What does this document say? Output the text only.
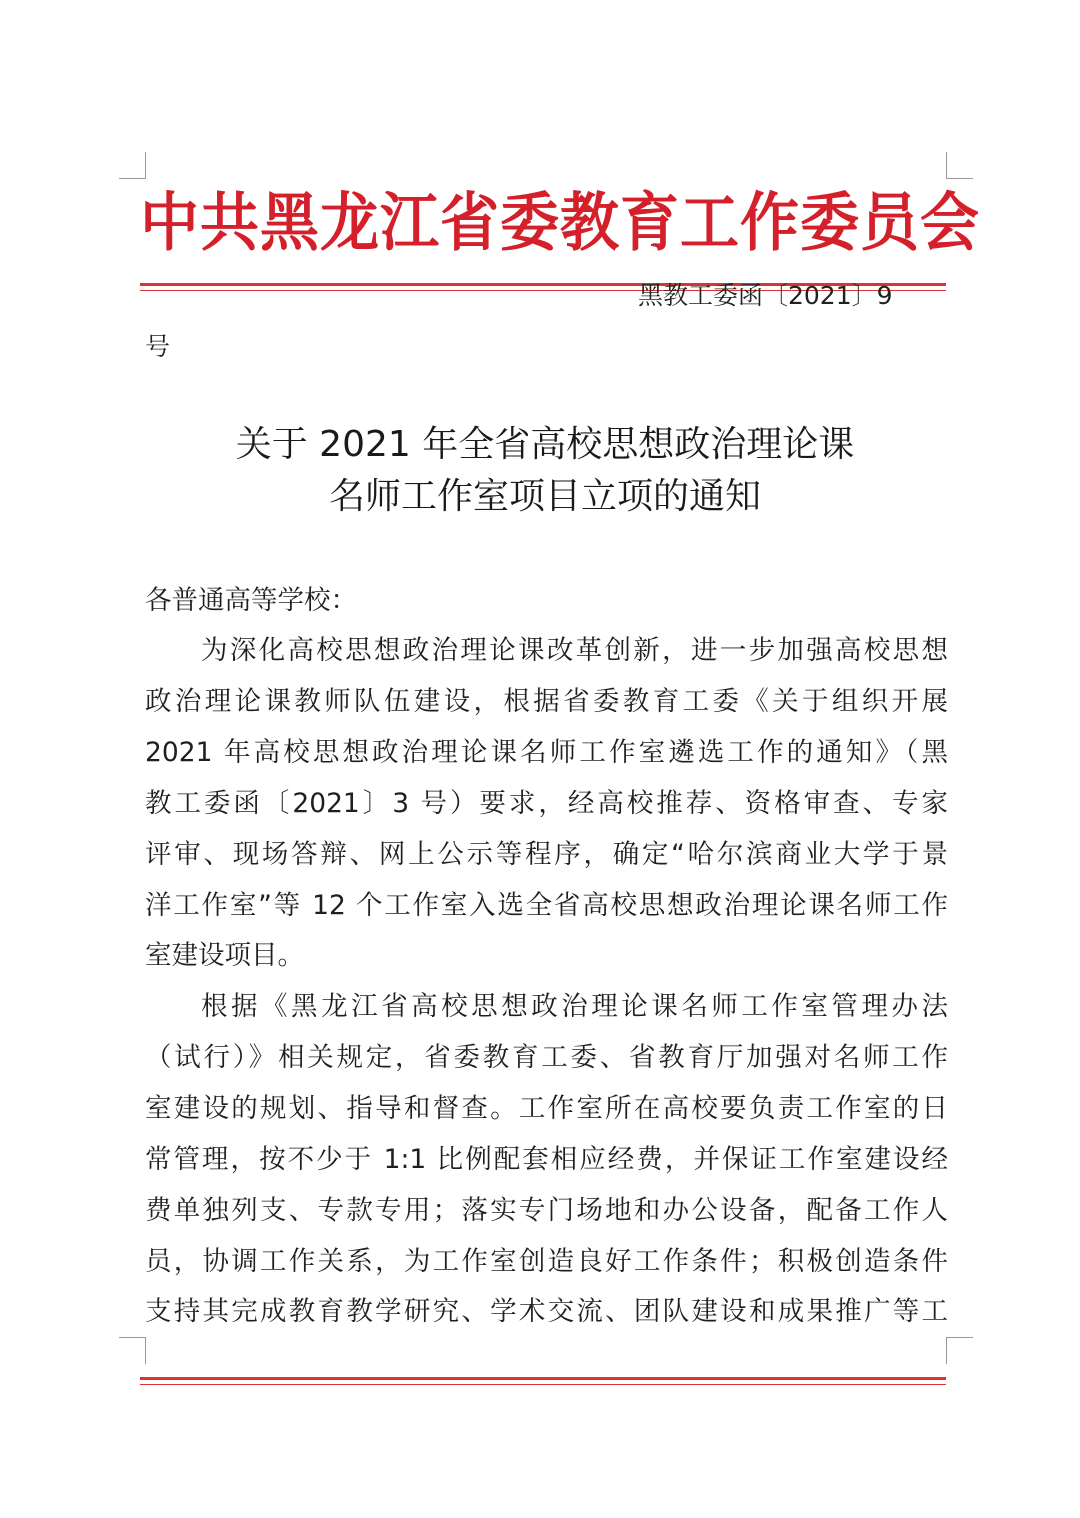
中共黑龙江省委教育工作委员会
黑教工委函〔2021〕9
号
关于 2021 年全省高校思想政治理论课
名师工作室项目立项的通知
各普通高等学校：
为深化高校思想政治理论课改革创新，进一步加强高校思想
政治理论课教师队伍建设，根据省委教育工委《关于组织开展
2021 年高校思想政治理论课名师工作室遴选工作的通知》（黑
教工委函〔2021〕3 号）要求，经高校推荐、资格审查、专家
评审、现场答辩、网上公示等程序，确定“哈尔滨商业大学于景
洋工作室”等 12 个工作室入选全省高校思想政治理论课名师工作
室建设项目。
根据《黑龙江省高校思想政治理论课名师工作室管理办法
（试行）》相关规定，省委教育工委、省教育厅加强对名师工作
室建设的规划、指导和督查。工作室所在高校要负责工作室的日
常管理，按不少于 1:1 比例配套相应经费，并保证工作室建设经
费单独列支、专款专用；落实专门场地和办公设备，配备工作人
员，协调工作关系，为工作室创造良好工作条件；积极创造条件
支持其完成教育教学研究、学术交流、团队建设和成果推广等工
